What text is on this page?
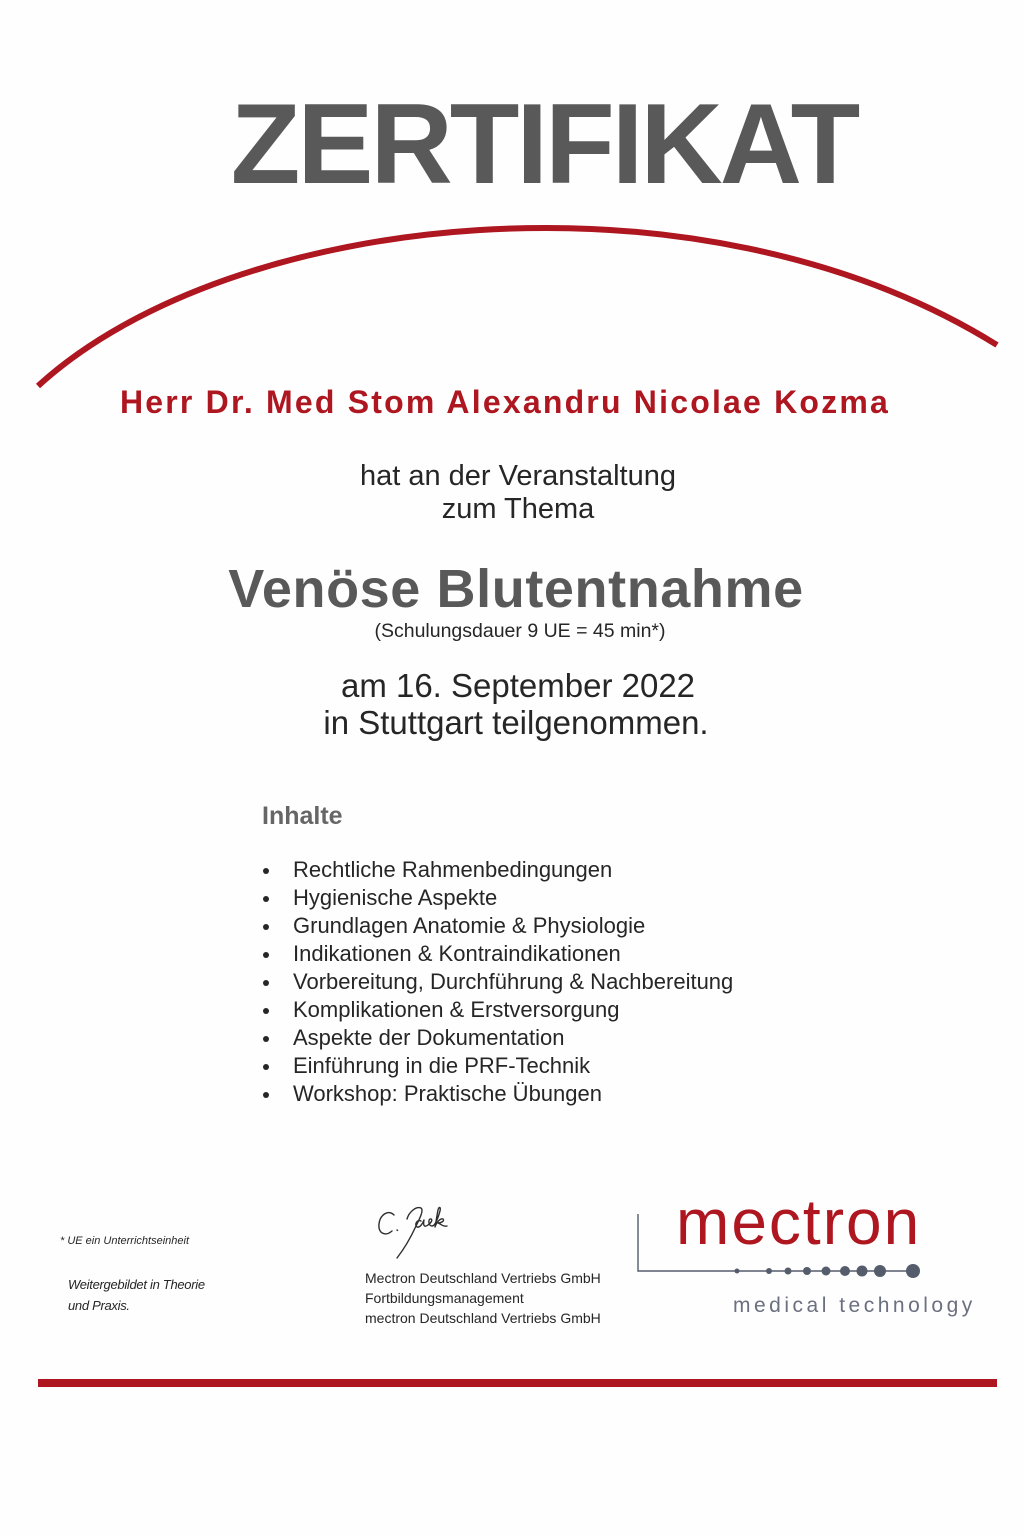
ZERTIFIKAT
Herr Dr. Med Stom Alexandru Nicolae Kozma
hat an der Veranstaltung
zum Thema
Venöse Blutentnahme
(Schulungsdauer 9 UE = 45 min*)
am 16. September 2022
in Stuttgart teilgenommen.
Inhalte
Rechtliche Rahmenbedingungen
Hygienische Aspekte
Grundlagen Anatomie & Physiologie
Indikationen & Kontraindikationen
Vorbereitung, Durchführung & Nachbereitung
Komplikationen & Erstversorgung
Aspekte der Dokumentation
Einführung in die PRF-Technik
Workshop: Praktische Übungen
* UE ein Unterrichtseinheit
Weitergebildet in Theorie
und Praxis.
Mectron Deutschland Vertriebs GmbH
Fortbildungsmanagement
mectron Deutschland Vertriebs GmbH
mectron
medical technology
